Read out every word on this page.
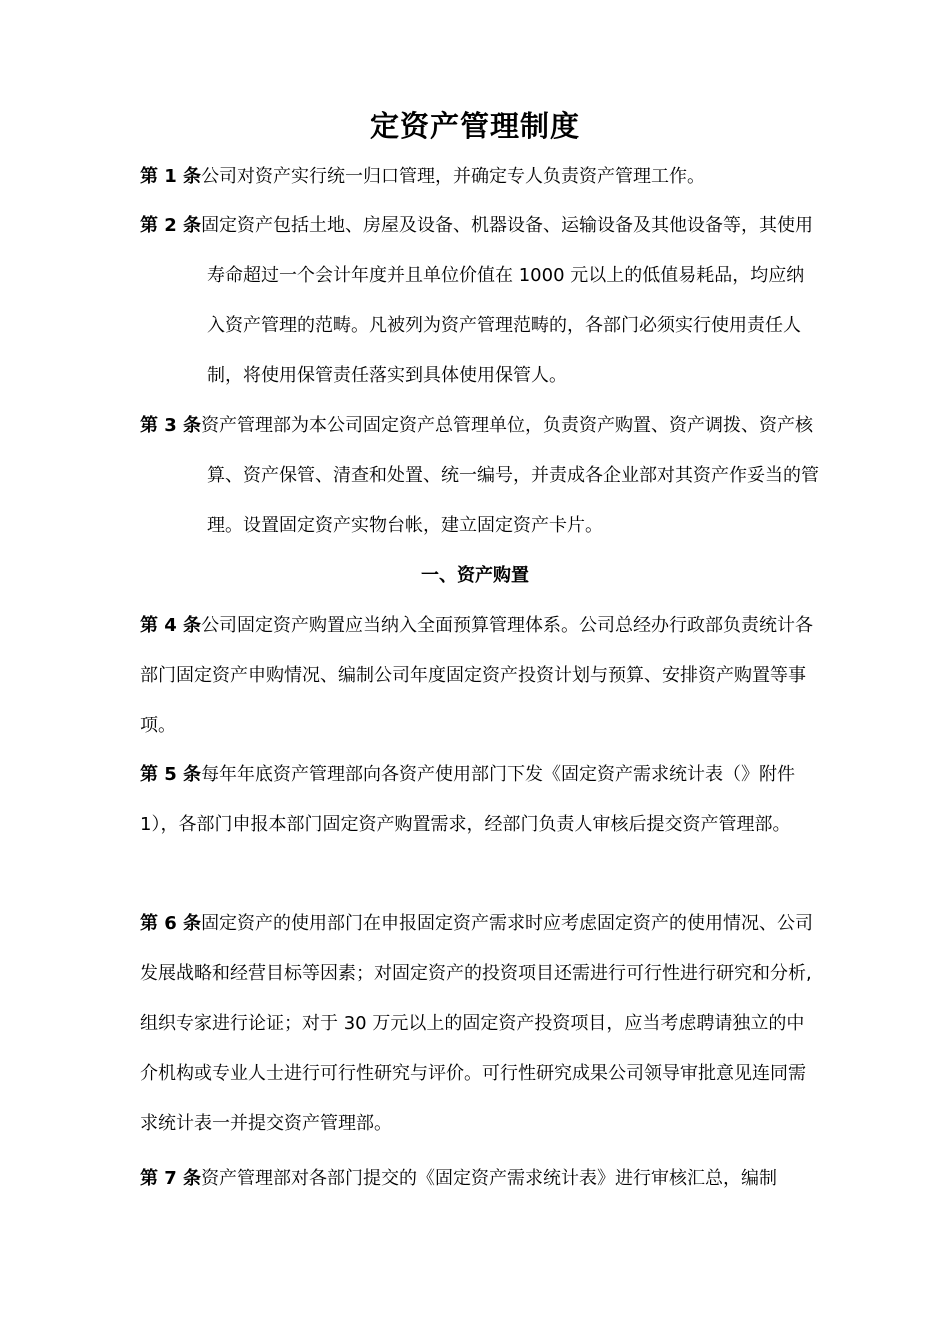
定资产管理制度
第 1 条公司对资产实行统一归口管理，并确定专人负责资产管理工作。
第 2 条固定资产包括土地、房屋及设备、机器设备、运输设备及其他设备等，其使用寿命超过一个会计年度并且单位价值在 1000 元以上的低值易耗品，均应纳入资产管理的范畴。凡被列为资产管理范畴的，各部门必须实行使用责任人制，将使用保管责任落实到具体使用保管人。
第 3 条资产管理部为本公司固定资产总管理单位，负责资产购置、资产调拨、资产核算、资产保管、清查和处置、统一编号，并责成各企业部对其资产作妥当的管理。设置固定资产实物台帐，建立固定资产卡片。
一、资产购置
第 4 条公司固定资产购置应当纳入全面预算管理体系。公司总经办行政部负责统计各部门固定资产申购情况、编制公司年度固定资产投资计划与预算、安排资产购置等事项。
第 5 条每年年底资产管理部向各资产使用部门下发《固定资产需求统计表（》附件 1），各部门申报本部门固定资产购置需求，经部门负责人审核后提交资产管理部。
第 6 条固定资产的使用部门在申报固定资产需求时应考虑固定资产的使用情况、公司发展战略和经营目标等因素；对固定资产的投资项目还需进行可行性进行研究和分析,组织专家进行论证；对于 30 万元以上的固定资产投资项目，应当考虑聘请独立的中介机构或专业人士进行可行性研究与评价。可行性研究成果公司领导审批意见连同需求统计表一并提交资产管理部。
第 7 条资产管理部对各部门提交的《固定资产需求统计表》进行审核汇总，编制
